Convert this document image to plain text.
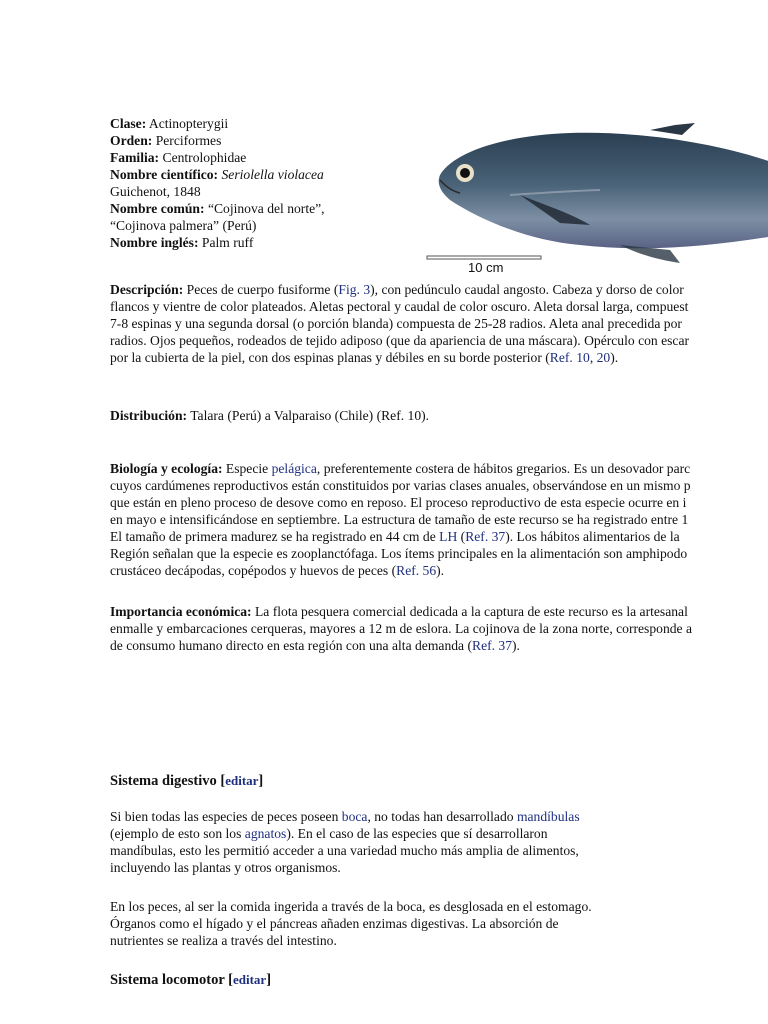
Clase: Actinopterygii
Orden: Perciformes
Familia: Centrolophidae
Nombre científico: Seriolella violacea
Guichenot, 1848
Nombre común: “Cojinova del norte”,
“Cojinova palmera” (Perú)
Nombre inglés: Palm ruff
10 cm
Descripción: Peces de cuerpo fusiforme (Fig. 3), con pedúnculo caudal angosto. Cabeza y dorso de color
flancos y vientre de color plateados. Aletas pectoral y caudal de color oscuro. Aleta dorsal larga, compuest
7-8 espinas y una segunda dorsal (o porción blanda) compuesta de 25-28 radios. Aleta anal precedida por
radios. Ojos pequeños, rodeados de tejido adiposo (que da apariencia de una máscara). Opérculo con escar
por la cubierta de la piel, con dos espinas planas y débiles en su borde posterior (Ref. 10, 20).
Distribución: Talara (Perú) a Valparaiso (Chile) (Ref. 10).
Biología y ecología: Especie pelágica, preferentemente costera de hábitos gregarios. Es un desovador parc
cuyos cardúmenes reproductivos están constituidos por varias clases anuales, observándose en un mismo p
que están en pleno proceso de desove como en reposo. El proceso reproductivo de esta especie ocurre en i
en mayo e intensificándose en septiembre. La estructura de tamaño de este recurso se ha registrado entre 1
El tamaño de primera madurez se ha registrado en 44 cm de LH (Ref. 37). Los hábitos alimentarios de la
Región señalan que la especie es zooplanctófaga. Los ítems principales en la alimentación son amphipodo
crustáceo decápodas, copépodos y huevos de peces (Ref. 56).
Importancia económica: La flota pesquera comercial dedicada a la captura de este recurso es la artesanal
enmalle y embarcaciones cerqueras, mayores a 12 m de eslora. La cojinova de la zona norte, corresponde a
de consumo humano directo en esta región con una alta demanda (Ref. 37).
Sistema digestivo [editar]
Si bien todas las especies de peces poseen boca, no todas han desarrollado mandíbulas
(ejemplo de esto son los agnatos). En el caso de las especies que sí desarrollaron
mandíbulas, esto les permitió acceder a una variedad mucho más amplia de alimentos,
incluyendo las plantas y otros organismos.
En los peces, al ser la comida ingerida a través de la boca, es desglosada en el estomago.
Órganos como el hígado y el páncreas añaden enzimas digestivas. La absorción de
nutrientes se realiza a través del intestino.
Sistema locomotor [editar]
